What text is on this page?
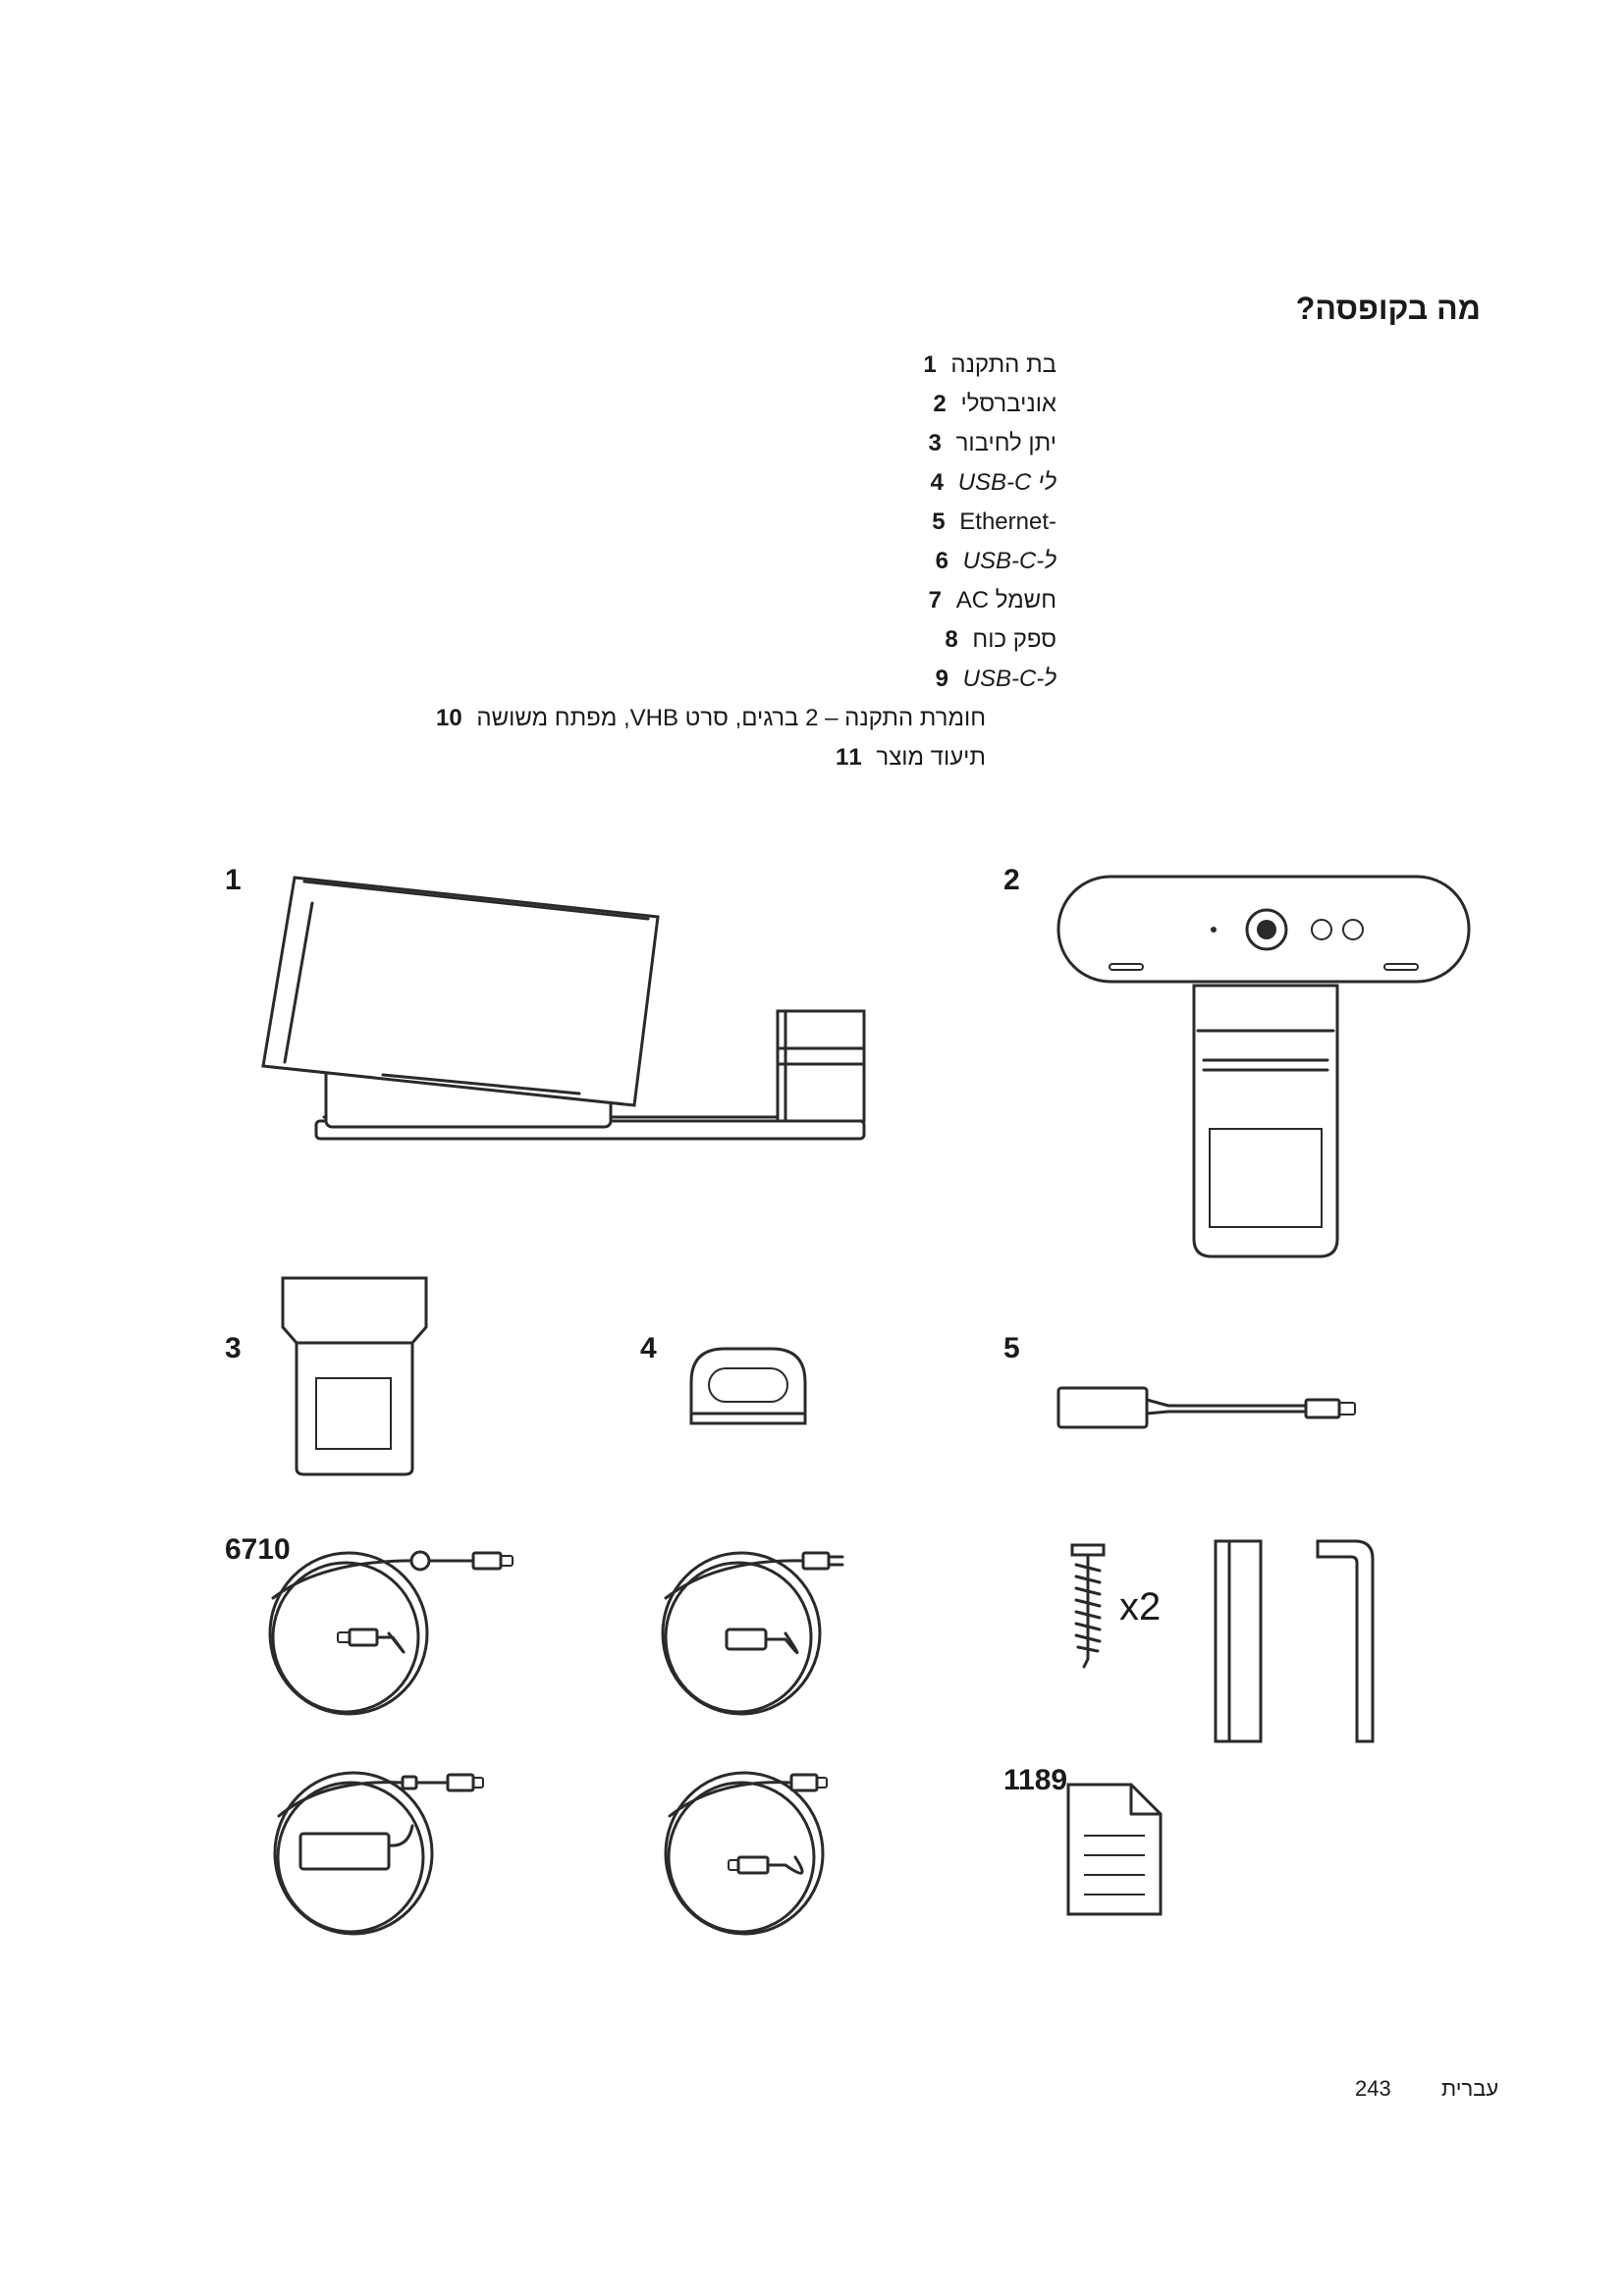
מה בקופסה?
בת התקנה 1
אוניברסלי 2
יתן לחיבור 3
לי USB-C 4
-Ethernet 5
ל-USB-C 6
חשמל AC 7
ספק כוח 8
ל-USB-C 9
חומרת התקנה – 2 ברגים, סרט VHB, מפתח משושה 10
תיעוד מוצר 11
1	2
3	4	5
6710
1189
x2
243 עברית
